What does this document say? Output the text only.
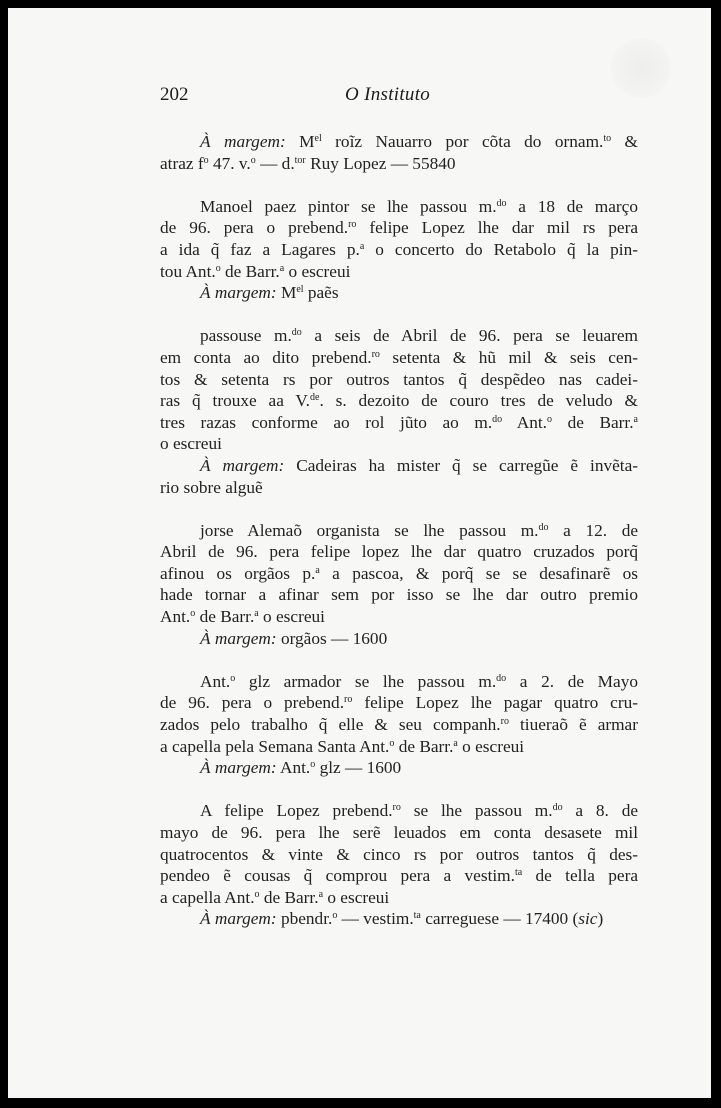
202	O Instituto
À margem: $M^{el}$ roĩz Nauarro por cõta do ornam.$^{to}$ &
atraz $f^o$ 47. v.$^o$ — d.$^{tor}$ Ruy Lopez — 55840
Manoel paez pintor se lhe passou m.$^{do}$ a 18 de março
de 96. pera o prebend.$^{ro}$ felipe Lopez lhe dar mil rs pera
a ida q̃ faz a Lagares p.$^a$ o concerto do Retabolo q̃ la pin-
tou Ant.$^o$ de Barr.$^a$ o escreui
À margem: $M^{el}$ paẽs
passouse m.$^{do}$ a seis de Abril de 96. pera se leuarem
em conta ao dito prebend.$^{ro}$ setenta & hũ mil & seis cen-
tos & setenta rs por outros tantos q̃ despẽdeo nas cadei-
ras q̃ trouxe aa V.$^{de}$. s. dezoito de couro tres de veludo &
tres razas conforme ao rol jũto ao m.$^{do}$ Ant.$^o$ de Barr.$^a$
o escreui
À margem: Cadeiras ha mister q̃ se carregũe ẽ invẽta-
rio sobre alguẽ
jorse Alemaõ organista se lhe passou m.$^{do}$ a 12. de
Abril de 96. pera felipe lopez lhe dar quatro cruzados porq̃
afinou os orgãos p.$^a$ a pascoa, & porq̃ se se desafinarẽ os
hade tornar a afinar sem por isso se lhe dar outro premio
Ant.$^o$ de Barr.$^a$ o escreui
À margem: orgãos — 1600
Ant.$^o$ glz armador se lhe passou m.$^{do}$ a 2. de Mayo
de 96. pera o prebend.$^{ro}$ felipe Lopez lhe pagar quatro cru-
zados pelo trabalho q̃ elle & seu companh.$^{ro}$ tiueraõ ẽ armar
a capella pela Semana Santa Ant.$^o$ de Barr.$^a$ o escreui
À margem: Ant.$^o$ glz — 1600
A felipe Lopez prebend.$^{ro}$ se lhe passou m.$^{do}$ a 8. de
mayo de 96. pera lhe serẽ leuados em conta desasete mil
quatrocentos & vinte & cinco rs por outros tantos q̃ des-
pendeo ẽ cousas q̃ comprou pera a vestim.$^{ta}$ de tella pera
a capella Ant.$^o$ de Barr.$^a$ o escreui
À margem: pbendr.$^o$ — vestim.$^{ta}$ carreguese — 17400 (sic)
